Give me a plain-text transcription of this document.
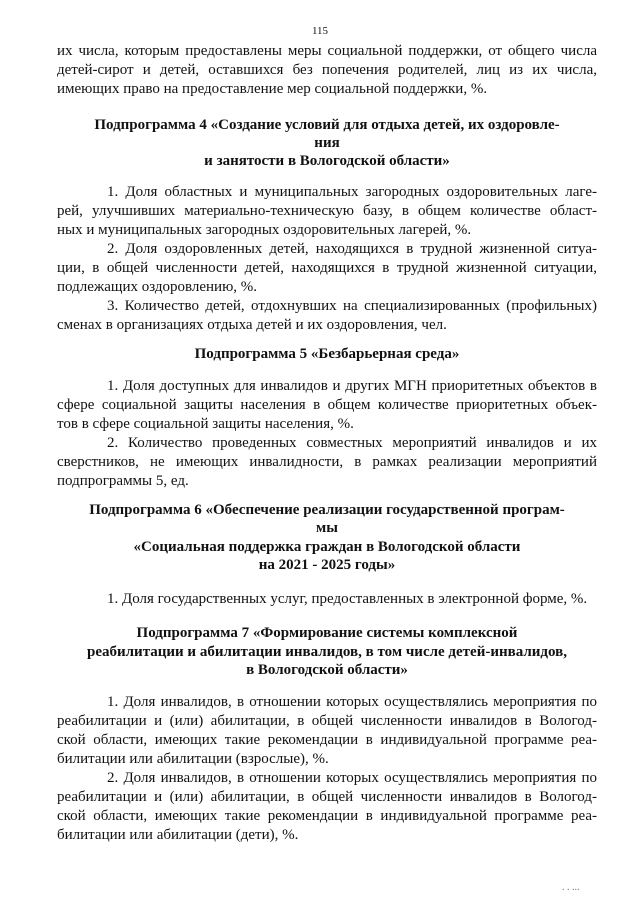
115
их числа, которым предоставлены меры социальной поддержки, от общего числа
детей-сирот и детей, оставшихся без попечения родителей, лиц из их числа,
имеющих право на предоставление мер социальной поддержки, %.
Подпрограмма 4 «Создание условий для отдыха детей, их оздоровле-
ния
и занятости в Вологодской области»
1. Доля областных и муниципальных загородных оздоровительных лаге-
рей, улучшивших материально-техническую базу, в общем количестве област-
ных и муниципальных загородных оздоровительных лагерей, %.
2. Доля оздоровленных детей, находящихся в трудной жизненной ситуа-
ции, в общей численности детей, находящихся в трудной жизненной ситуации,
подлежащих оздоровлению, %.
3. Количество детей, отдохнувших на специализированных (профильных)
сменах в организациях отдыха детей и их оздоровления, чел.
Подпрограмма 5 «Безбарьерная среда»
1. Доля доступных для инвалидов и других МГН приоритетных объектов в
сфере социальной защиты населения в общем количестве приоритетных объек-
тов в сфере социальной защиты населения, %.
2. Количество проведенных совместных мероприятий инвалидов и их
сверстников, не имеющих инвалидности, в рамках реализации мероприятий
подпрограммы 5, ед.
Подпрограмма 6 «Обеспечение реализации государственной програм-
мы
«Социальная поддержка граждан в Вологодской области
на 2021 - 2025 годы»
1. Доля государственных услуг, предоставленных в электронной форме, %.
Подпрограмма 7 «Формирование системы комплексной
реабилитации и абилитации инвалидов, в том числе детей-инвалидов,
в Вологодской области»
1. Доля инвалидов, в отношении которых осуществлялись мероприятия по
реабилитации и (или) абилитации, в общей численности инвалидов в Вологод-
ской области, имеющих такие рекомендации в индивидуальной программе реа-
билитации или абилитации (взрослые), %.
2. Доля инвалидов, в отношении которых осуществлялись мероприятия по
реабилитации и (или) абилитации, в общей численности инвалидов в Вологод-
ской области, имеющих такие рекомендации в индивидуальной программе реа-
билитации или абилитации (дети), %.
. . ...
